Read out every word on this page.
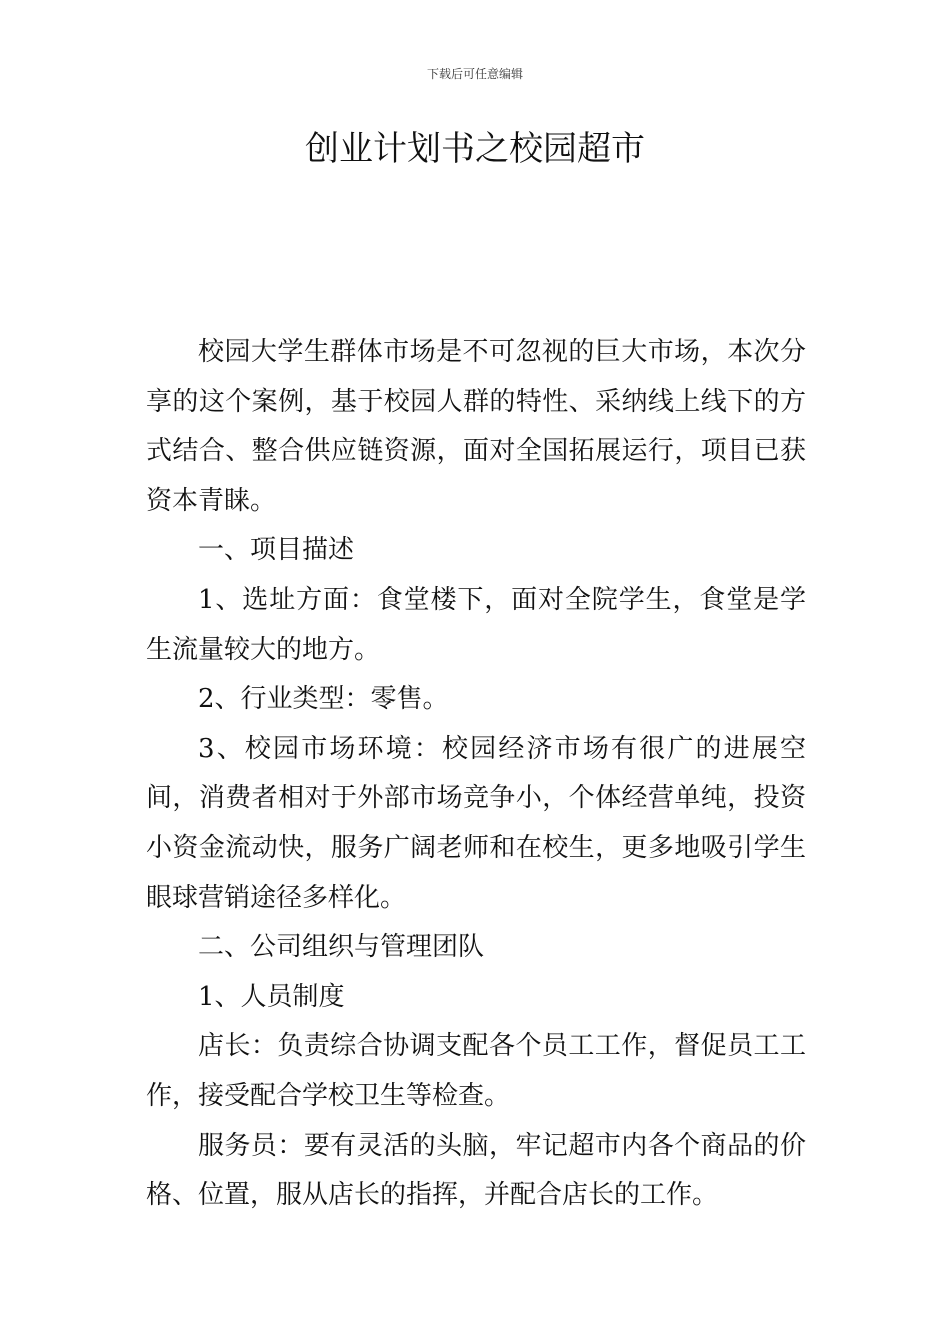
下载后可任意编辑
创业计划书之校园超市

校园大学生群体市场是不可忽视的巨大市场，本次分享的这个案例，基于校园人群的特性、采纳线上线下的方式结合、整合供应链资源，面对全国拓展运行，项目已获资本青睐。

一、项目描述

1、选址方面：食堂楼下，面对全院学生，食堂是学生流量较大的地方。

2、行业类型：零售。

3、校园市场环境：校园经济市场有很广的进展空间，消费者相对于外部市场竞争小，个体经营单纯，投资小资金流动快，服务广阔老师和在校生，更多地吸引学生眼球营销途径多样化。

二、公司组织与管理团队

1、人员制度

店长：负责综合协调支配各个员工工作，督促员工工作，接受配合学校卫生等检查。

服务员：要有灵活的头脑，牢记超市内各个商品的价格、位置，服从店长的指挥，并配合店长的工作。
